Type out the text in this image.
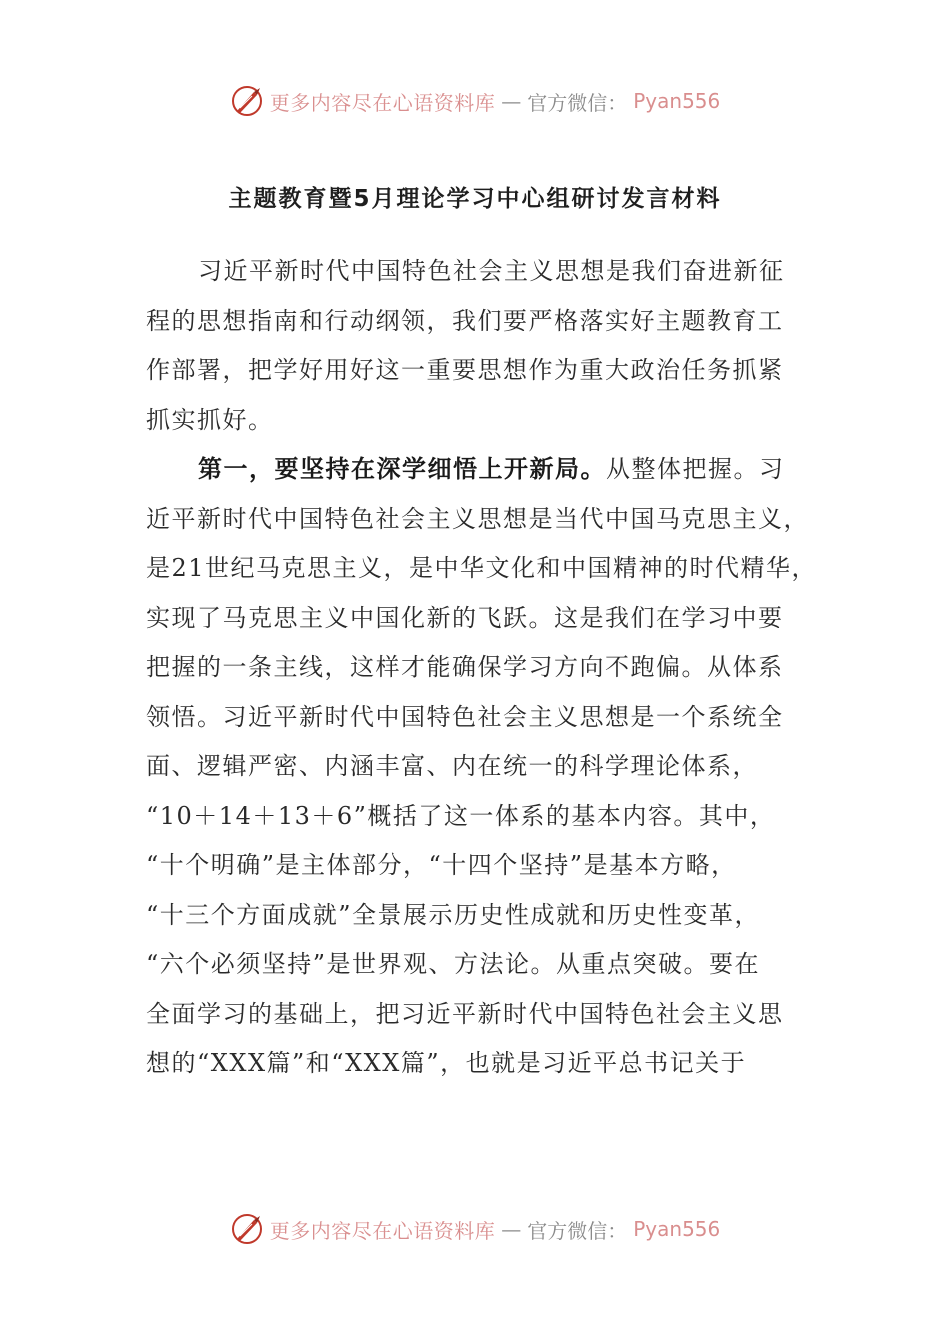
更多内容尽在心语资料库 — 官方微信： Pyan556
主题教育暨5月理论学习中心组研讨发言材料
习近平新时代中国特色社会主义思想是我们奋进新征
程的思想指南和行动纲领，我们要严格落实好主题教育工
作部署，把学好用好这一重要思想作为重大政治任务抓紧
抓实抓好。
第一，要坚持在深学细悟上开新局。从整体把握。习
近平新时代中国特色社会主义思想是当代中国马克思主义，
是21世纪马克思主义，是中华文化和中国精神的时代精华，
实现了马克思主义中国化新的飞跃。这是我们在学习中要
把握的一条主线，这样才能确保学习方向不跑偏。从体系
领悟。习近平新时代中国特色社会主义思想是一个系统全
面、逻辑严密、内涵丰富、内在统一的科学理论体系，
“10＋14＋13＋6”概括了这一体系的基本内容。其中，
“十个明确”是主体部分，“十四个坚持”是基本方略，
“十三个方面成就”全景展示历史性成就和历史性变革，
“六个必须坚持”是世界观、方法论。从重点突破。要在
全面学习的基础上，把习近平新时代中国特色社会主义思
想的“XXX篇”和“XXX篇”，也就是习近平总书记关于
更多内容尽在心语资料库 — 官方微信： Pyan556
